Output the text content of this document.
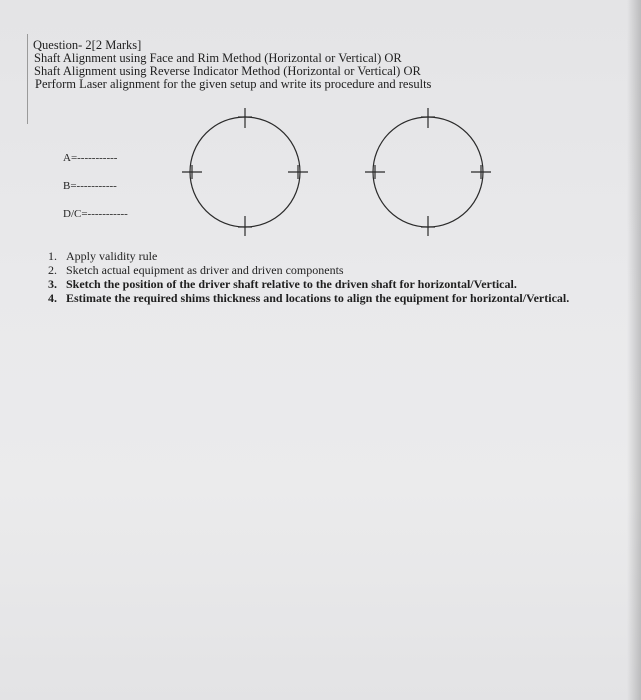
Question- 2[2 Marks]

Shaft Alignment using Face and Rim Method (Horizontal or Vertical) OR

Shaft Alignment using Reverse Indicator Method (Horizontal or Vertical) OR

Perform Laser alignment for the given setup and write its procedure and results

A=-----------
B=-----------
D/C=-----------
1. Apply validity rule
2. Sketch actual equipment as driver and driven components
3. Sketch the position of the driver shaft relative to the driven shaft for horizontal/Vertical.
4. Estimate the required shims thickness and locations to align the equipment for horizontal/Vertical.
